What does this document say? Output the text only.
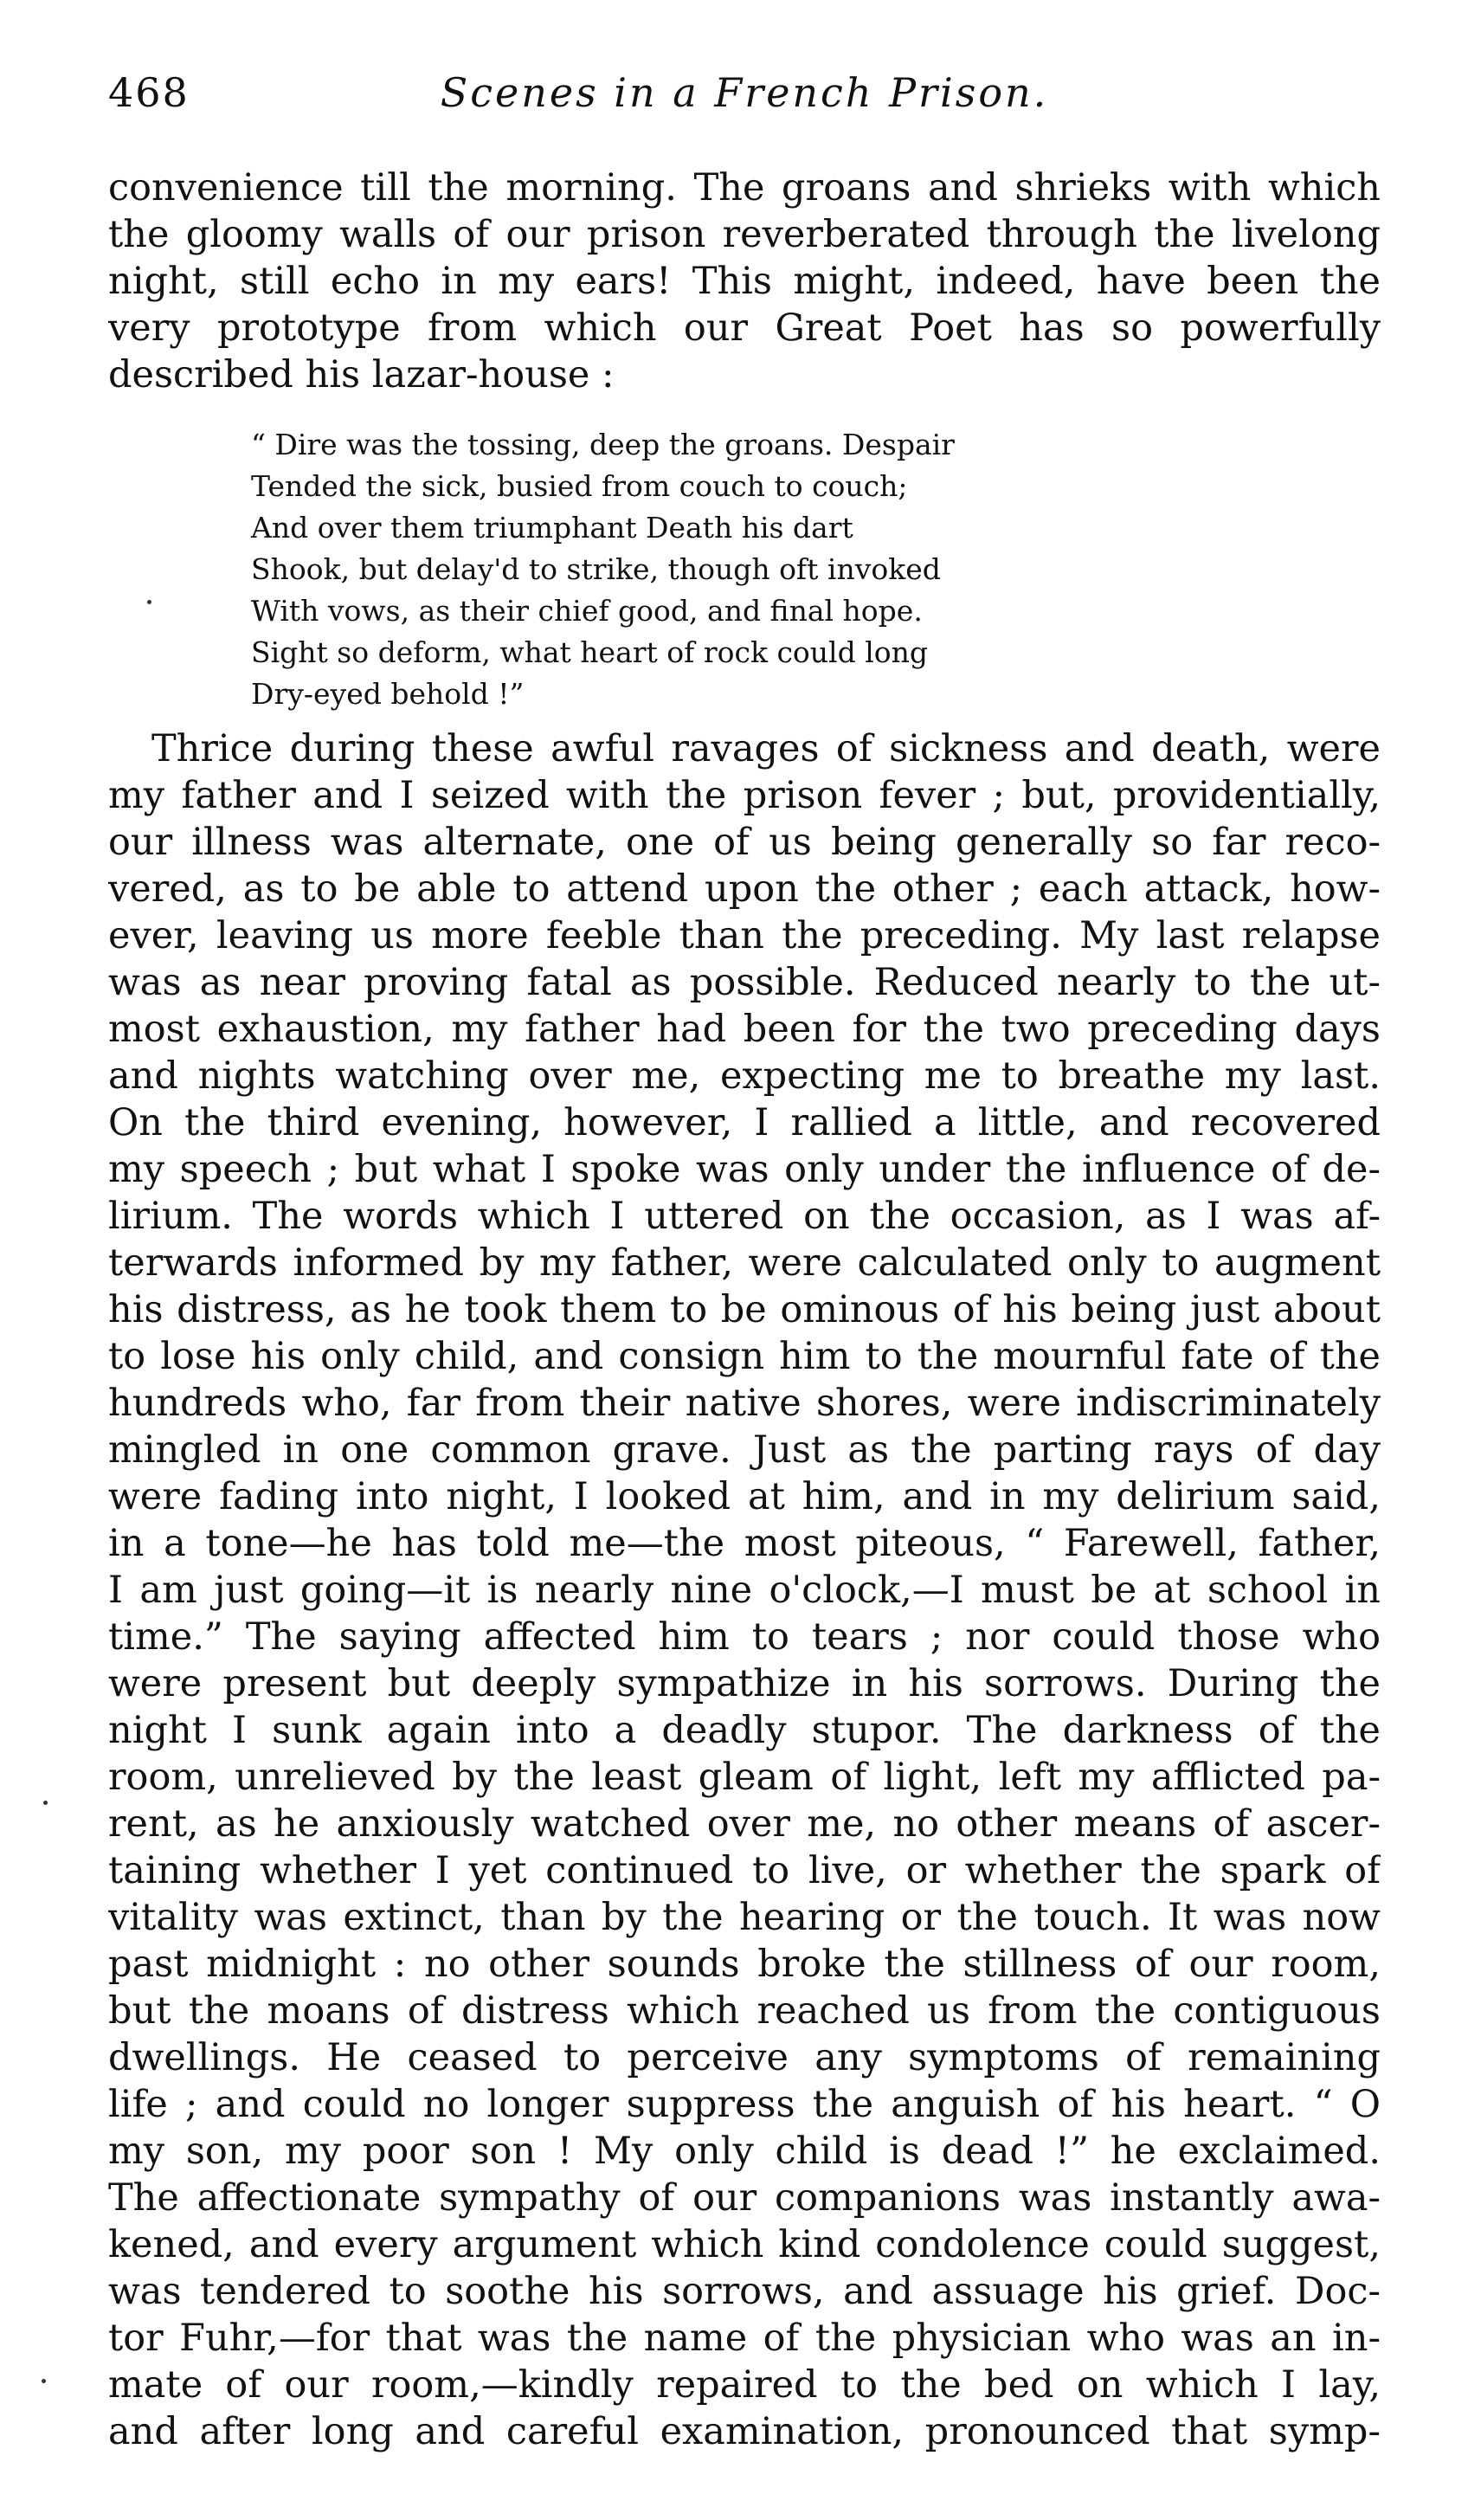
468	Scenes in a French Prison.
convenience till the morning. The groans and shrieks with which
the gloomy walls of our prison reverberated through the livelong
night, still echo in my ears! This might, indeed, have been the
very prototype from which our Great Poet has so powerfully
described his lazar-house :
“ Dire was the tossing, deep the groans. Despair
Tended the sick, busied from couch to couch;
And over them triumphant Death his dart
Shook, but delay'd to strike, though oft invoked
With vows, as their chief good, and final hope.
Sight so deform, what heart of rock could long
Dry-eyed behold !”
Thrice during these awful ravages of sickness and death, were
my father and I seized with the prison fever ; but, providentially,
our illness was alternate, one of us being generally so far reco-
vered, as to be able to attend upon the other ; each attack, how-
ever, leaving us more feeble than the preceding. My last relapse
was as near proving fatal as possible. Reduced nearly to the ut-
most exhaustion, my father had been for the two preceding days
and nights watching over me, expecting me to breathe my last.
On the third evening, however, I rallied a little, and recovered
my speech ; but what I spoke was only under the influence of de-
lirium. The words which I uttered on the occasion, as I was af-
terwards informed by my father, were calculated only to augment
his distress, as he took them to be ominous of his being just about
to lose his only child, and consign him to the mournful fate of the
hundreds who, far from their native shores, were indiscriminately
mingled in one common grave. Just as the parting rays of day
were fading into night, I looked at him, and in my delirium said,
in a tone—he has told me—the most piteous, “ Farewell, father,
I am just going—it is nearly nine o'clock,—I must be at school in
time.” The saying affected him to tears ; nor could those who
were present but deeply sympathize in his sorrows. During the
night I sunk again into a deadly stupor. The darkness of the
room, unrelieved by the least gleam of light, left my afflicted pa-
rent, as he anxiously watched over me, no other means of ascer-
taining whether I yet continued to live, or whether the spark of
vitality was extinct, than by the hearing or the touch. It was now
past midnight : no other sounds broke the stillness of our room,
but the moans of distress which reached us from the contiguous
dwellings. He ceased to perceive any symptoms of remaining
life ; and could no longer suppress the anguish of his heart. “ O
my son, my poor son ! My only child is dead !” he exclaimed.
The affectionate sympathy of our companions was instantly awa-
kened, and every argument which kind condolence could suggest,
was tendered to soothe his sorrows, and assuage his grief. Doc-
tor Fuhr,—for that was the name of the physician who was an in-
mate of our room,—kindly repaired to the bed on which I lay,
and after long and careful examination, pronounced that symp-
